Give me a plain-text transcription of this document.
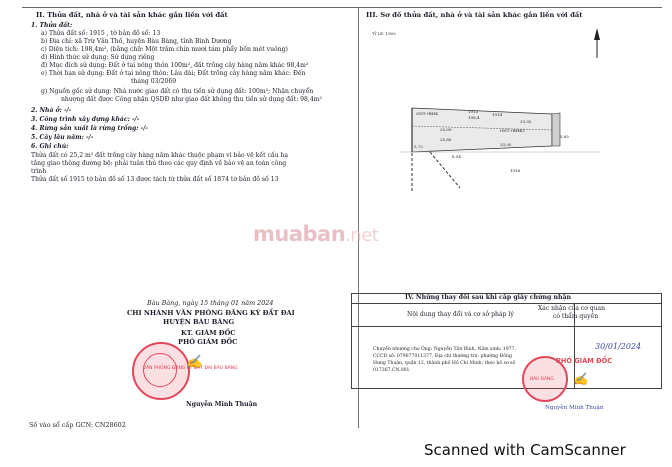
II. Thửa đất, nhà ở và tài sản khác gắn liền với đất
1. Thửa đất:
a) Thửa đất số: 1915 , tờ bản đồ số: 13
b) Địa chỉ: xã Trừ Văn Thố, huyện Bàu Bàng, tỉnh Bình Dương
c) Diện tích: 198,4m², (bằng chữ: Một trăm chín mươi tám phẩy bốn mét vuông)
d) Hình thức sử dụng: Sử dụng riêng
đ) Mục đích sử dụng: Đất ở tại nông thôn 100m², đất trồng cây hàng năm khác 98,4m²
e) Thời hạn sử dụng: Đất ở tại nông thôn: Lâu dài; Đất trồng cây hàng năm khác: Đến
tháng 03/2069
g) Nguồn gốc sử dụng: Nhà nước giao đất có thu tiền sử dụng đất: 100m²; Nhận chuyển
nhượng đất được Công nhận QSDĐ như giao đất không thu tiền sử dụng đất: 98,4m²
2. Nhà ở: -/-
3. Công trình xây dựng khác: -/-
4. Rừng sản xuất là rừng trồng: -/-
5. Cây lâu năm: -/-
6. Ghi chú:
Thửa đất có 25,2 m² đất trồng cây hàng năm khác thuộc phạm vi bảo vệ kết cấu hạ
tầng giao thông đường bộ: phải tuân thủ theo các quy định về bảo vệ an toàn công
trình
Thửa đất số 1915 tờ bản đồ số 13 được tách từ thửa đất số 1874 tờ bản đồ số 13
Bàu Bàng, ngày 15 tháng 01 năm 2024
CHI NHÁNH VĂN PHÒNG ĐĂNG KÝ ĐẤT ĐAI
HUYỆN BÀU BÀNG
KT. GIÁM ĐỐC
PHÓ GIÁM ĐỐC
VĂN PHÒNG ĐĂNG KÝ ĐẤT ĐAI BÀU BÀNG
✍
Nguyễn Minh Thuận
Số vào sổ cấp GCN: CN28602
III. Sơ đồ thửa đất, nhà ở và tài sản khác gắn liền với đất
TỶ LỆ: 1/500
ONT+BHK	1915
198,4
1914
ONT+BHK2
33,95
33,92
25,80
20,09
5,72
5,85
8,54
1916
muaban.net
IV. Những thay đổi sau khi cấp giấy chứng nhận
Nội dung thay đổi và cơ sở pháp lý
Xác nhận của cơ quan
có thẩm quyền
Chuyển nhượng cho Ông: Nguyễn Tấn Bình, Năm sinh: 1977,
CCCD số: 079077011377, Địa chỉ thường trú: phường Đông
Hưng Thuận, quận 12, thành phố Hồ Chí Minh; theo hồ sơ số
017367.CN.001
30/01/2024
BÀU BÀNG
PHÓ GIÁM ĐỐC
✍
Nguyễn Minh Thuận
Scanned with CamScanner
